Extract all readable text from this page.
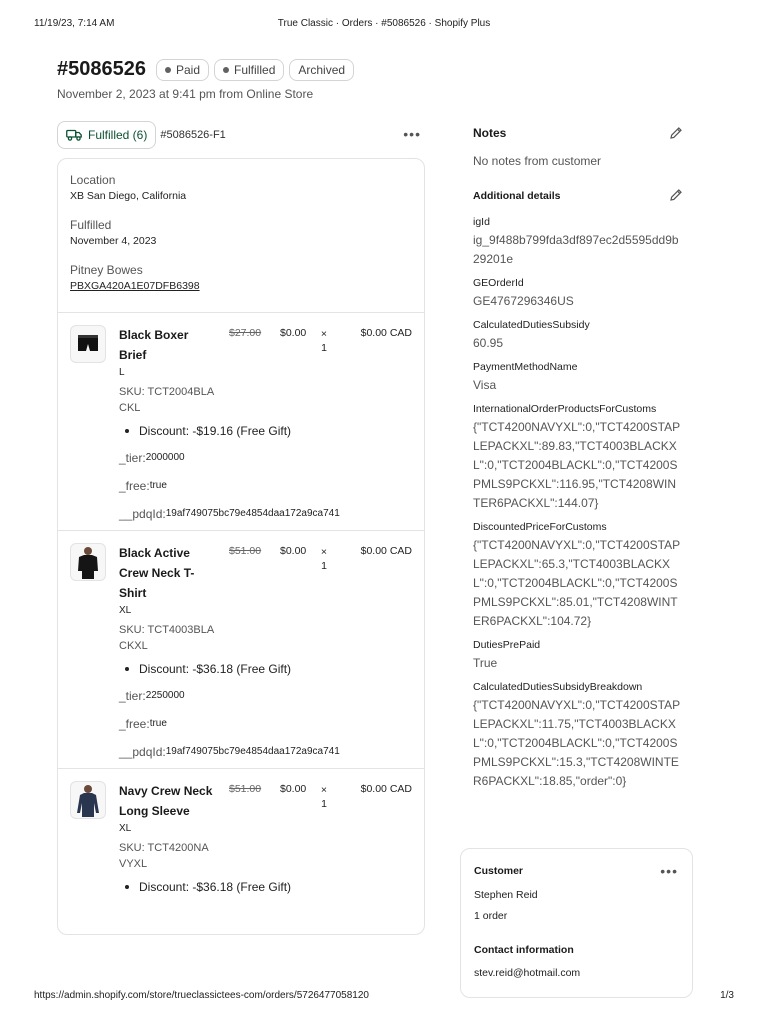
11/19/23, 7:14 AM	True Classic · Orders · #5086526 · Shopify Plus
#5086526	Paid	Fulfilled Archived
November 2, 2023 at 9:41 pm from Online Store
Fulfilled (6) #5086526-F1	•••
Location
XB San Diego, California
Fulfilled
November 4, 2023
Pitney Bowes
PBXGA420A1E07DFB6398
Black Boxer Brief
L
SKU: TCT2004BLACKL
$27.00 $0.00 ×
1
$0.00 CAD
Discount: -$19.16 (Free Gift)
_tier:2000000
_free:true
__pdqId:19af749075bc79e4854daa172a9ca741
Black Active Crew Neck T-Shirt
XL
SKU: TCT4003BLACKXL
$51.00 $0.00 ×
1
$0.00 CAD
Discount: -$36.18 (Free Gift)
_tier:2250000
_free:true
__pdqId:19af749075bc79e4854daa172a9ca741
Navy Crew Neck Long Sleeve
XL
SKU: TCT4200NAVYXL
$51.00 $0.00 ×
1
$0.00 CAD
Discount: -$36.18 (Free Gift)
Notes
No notes from customer
Additional details
igId
ig_9f488b799fda3df897ec2d5595dd9b29201e
GEOrderId
GE4767296346US
CalculatedDutiesSubsidy
60.95
PaymentMethodName
Visa
InternationalOrderProductsForCustoms
{"TCT4200NAVYXL":0,"TCT4200STAPLEPACKXL":89.83,"TCT4003BLACKXL":0,"TCT2004BLACKL":0,"TCT4200SPMLS9PCKXL":116.95,"TCT4208WINTER6PACKXL":144.07}
DiscountedPriceForCustoms
{"TCT4200NAVYXL":0,"TCT4200STAPLEPACKXL":65.3,"TCT4003BLACKXL":0,"TCT2004BLACKL":0,"TCT4200SPMLS9PCKXL":85.01,"TCT4208WINTER6PACKXL":104.72}
DutiesPrePaid
True
CalculatedDutiesSubsidyBreakdown
{"TCT4200NAVYXL":0,"TCT4200STAPLEPACKXL":11.75,"TCT4003BLACKXL":0,"TCT2004BLACKL":0,"TCT4200SPMLS9PCKXL":15.3,"TCT4208WINTER6PACKXL":18.85,"order":0}
Customer	•••
Stephen Reid
1 order
Contact information
stev.reid@hotmail.com
https://admin.shopify.com/store/trueclassictees-com/orders/5726477058120	1/3
